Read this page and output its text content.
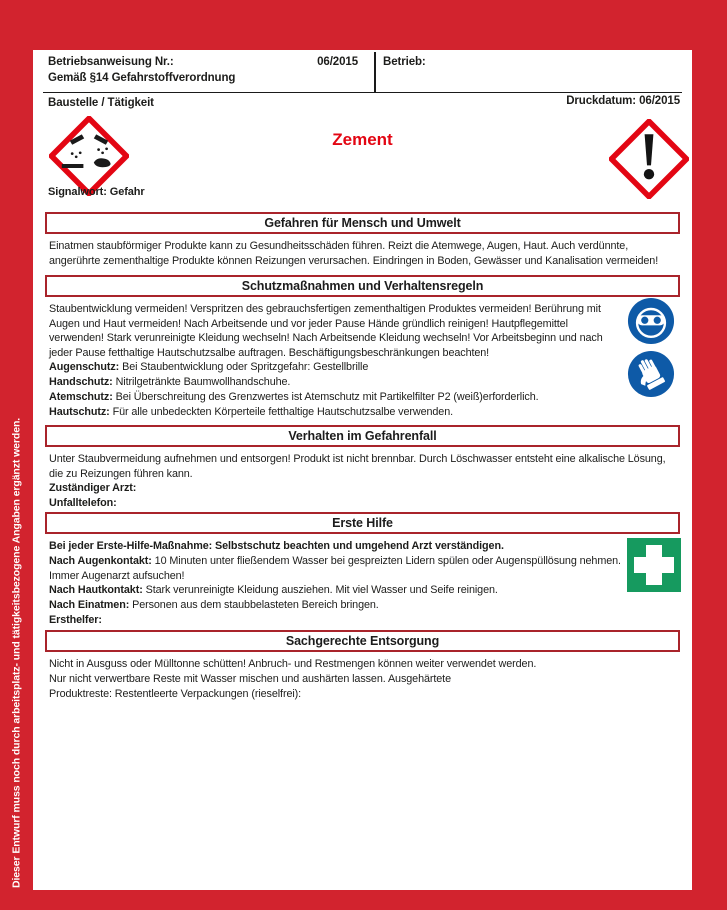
Dieser Entwurf muss noch durch arbeitsplatz- und tätigkeitsbezogene Angaben ergänzt werden.
Betriebsanweisung Nr.:
Gemäß §14 Gefahrstoffverordnung
06/2015 Betrieb:
Baustelle / Tätigkeit	Druckdatum: 06/2015
Zement
Signalwort: Gefahr
Gefahren für Mensch und Umwelt
Einatmen staubförmiger Produkte kann zu Gesundheitsschäden führen. Reizt die Atemwege, Augen, Haut. Auch verdünnte, angerührte zementhaltige Produkte können Reizungen verursachen. Eindringen in Boden, Gewässer und Kanalisation vermeiden!
Schutzmaßnahmen und Verhaltensregeln
Staubentwicklung vermeiden! Verspritzen des gebrauchsfertigen zementhaltigen Produktes vermeiden! Berührung mit Augen und Haut vermeiden! Nach Arbeitsende und vor jeder Pause Hände gründlich reinigen! Hautpflegemittel verwenden! Stark verunreinigte Kleidung wechseln! Nach Arbeitsende Kleidung wechseln! Vor Arbeitsbeginn und nach jeder Pause fetthaltige Hautschutzsalbe auftragen. Beschäftigungsbeschränkungen beachten!
Augenschutz: Bei Staubentwicklung oder Spritzgefahr: Gestellbrille
Handschutz: Nitrilgetränkte Baumwollhandschuhe.
Atemschutz: Bei Überschreitung des Grenzwertes ist Atemschutz mit Partikelfilter P2 (weiß)erforderlich.
Hautschutz: Für alle unbedeckten Körperteile fetthaltige Hautschutzsalbe verwenden.
Verhalten im Gefahrenfall
Unter Staubvermeidung aufnehmen und entsorgen! Produkt ist nicht brennbar. Durch Löschwasser entsteht eine alkalische Lösung, die zu Reizungen führen kann.
Zuständiger Arzt:
Unfalltelefon:
Erste Hilfe
Bei jeder Erste-Hilfe-Maßnahme: Selbstschutz beachten und umgehend Arzt verständigen.
Nach Augenkontakt: 10 Minuten unter fließendem Wasser bei gespreizten Lidern spülen oder Augenspüllösung nehmen. Immer Augenarzt aufsuchen!
Nach Hautkontakt: Stark verunreinigte Kleidung ausziehen. Mit viel Wasser und Seife reinigen.
Nach Einatmen: Personen aus dem staubbelasteten Bereich bringen.
Ersthelfer:
Sachgerechte Entsorgung
Nicht in Ausguss oder Mülltonne schütten! Anbruch- und Restmengen können weiter verwendet werden.
Nur nicht verwertbare Reste mit Wasser mischen und aushärten lassen. Ausgehärtete
Produktreste: Restentleerte Verpackungen (rieselfrei):
